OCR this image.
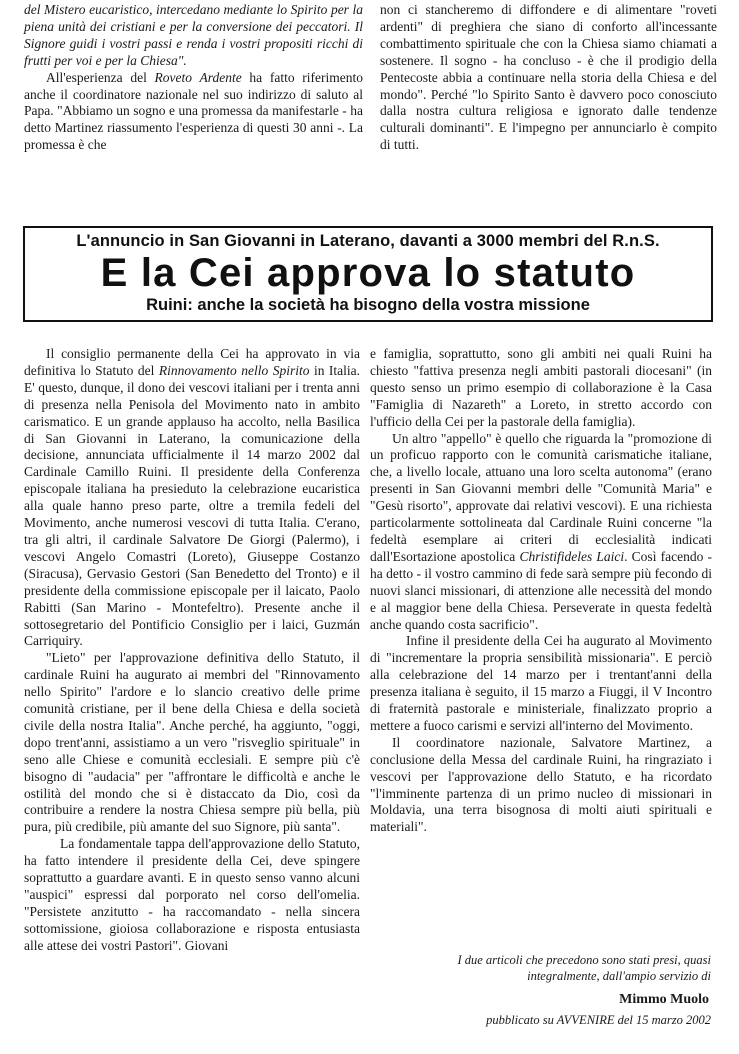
del Mistero eucaristico, intercedano mediante lo Spirito per la piena unità dei cristiani e per la conversione dei peccatori. Il Signore guidi i vostri passi e renda i vostri propositi ricchi di frutti per voi e per la Chiesa".

All'esperienza del Roveto Ardente ha fatto riferimento anche il coordinatore nazionale nel suo indirizzo di saluto al Papa. "Abbiamo un sogno e una promessa da manifestarle - ha detto Martinez riassumento l'esperienza di questi 30 anni -. La promessa è che

non ci stancheremo di diffondere e di alimentare "roveti ardenti" di preghiera che siano di conforto all'incessante combattimento spirituale che con la Chiesa siamo chiamati a sostenere. Il sogno - ha concluso - è che il prodigio della Pentecoste abbia a continuare nella storia della Chiesa e del mondo". Perché "lo Spirito Santo è davvero poco conosciuto dalla nostra cultura religiosa e ignorato dalle tendenze culturali dominanti". E l'impegno per annunciarlo è compito di tutti.

L'annuncio in San Giovanni in Laterano, davanti a 3000 membri del R.n.S.
E la Cei approva lo statuto
Ruini: anche la società ha bisogno della vostra missione

Il consiglio permanente della Cei ha approvato in via definitiva lo Statuto del Rinnovamento nello Spirito in Italia. E' questo, dunque, il dono dei vescovi italiani per i trenta anni di presenza nella Penisola del Movimento nato in ambito carismatico. E un grande applauso ha accolto, nella Basilica di San Giovanni in Laterano, la comunicazione della decisione, annunciata ufficialmente il 14 marzo 2002 dal Cardinale Camillo Ruini. Il presidente della Conferenza episcopale italiana ha presieduto la celebrazione eucaristica alla quale hanno preso parte, oltre a tremila fedeli del Movimento, anche numerosi vescovi di tutta Italia. C'erano, tra gli altri, il cardinale Salvatore De Giorgi (Palermo), i vescovi Angelo Comastri (Loreto), Giuseppe Costanzo (Siracusa), Gervasio Gestori (San Benedetto del Tronto) e il presidente della commissione episcopale per il laicato, Paolo Rabitti (San Marino - Montefeltro). Presente anche il sottosegretario del Pontificio Consiglio per i laici, Guzmán Carriquiry.

"Lieto" per l'approvazione definitiva dello Statuto, il cardinale Ruini ha augurato ai membri del "Rinnovamento nello Spirito" l'ardore e lo slancio creativo delle prime comunità cristiane, per il bene della Chiesa e della società civile della nostra Italia". Anche perché, ha aggiunto, "oggi, dopo trent'anni, assistiamo a un vero "risveglio spirituale" in seno alle Chiese e comunità ecclesiali. E sempre più c'è bisogno di "audacia" per "affrontare le difficoltà e anche le ostilità del mondo che si è distaccato da Dio, così da contribuire a rendere la nostra Chiesa sempre più bella, più pura, più credibile, più amante del suo Signore, più santa".

La fondamentale tappa dell'approvazione dello Statuto, ha fatto intendere il presidente della Cei, deve spingere soprattutto a guardare avanti. E in questo senso vanno alcuni "auspici" espressi dal porporato nel corso dell'omelia. "Persistete anzitutto - ha raccomandato - nella sincera sottomissione, gioiosa collaborazione e risposta entusiasta alle attese dei vostri Pastori". Giovani

e famiglia, soprattutto, sono gli ambiti nei quali Ruini ha chiesto "fattiva presenza negli ambiti pastorali diocesani" (in questo senso un primo esempio di collaborazione è la Casa "Famiglia di Nazareth" a Loreto, in stretto accordo con l'ufficio della Cei per la pastorale della famiglia).

Un altro "appello" è quello che riguarda la "promozione di un proficuo rapporto con le comunità carismatiche italiane, che, a livello locale, attuano una loro scelta autonoma" (erano presenti in San Giovanni membri delle "Comunità Maria" e "Gesù risorto", approvate dai relativi vescovi). E una richiesta particolarmente sottolineata dal Cardinale Ruini concerne "la fedeltà esemplare ai criteri di ecclesialità indicati dall'Esortazione apostolica Christifideles Laici. Così facendo - ha detto - il vostro cammino di fede sarà sempre più fecondo di nuovi slanci missionari, di attenzione alle necessità del mondo e al maggior bene della Chiesa. Perseverate in questa fedeltà anche quando costa sacrificio".

Infine il presidente della Cei ha augurato al Movimento di "incrementare la propria sensibilità missionaria". E perciò alla celebrazione del 14 marzo per i trentant'anni della presenza italiana è seguito, il 15 marzo a Fiuggi, il V Incontro di fraternità pastorale e ministeriale, finalizzato proprio a mettere a fuoco carismi e servizi all'interno del Movimento.

Il coordinatore nazionale, Salvatore Martinez, a conclusione della Messa del cardinale Ruini, ha ringraziato i vescovi per l'approvazione dello Statuto, e ha ricordato "l'imminente partenza di un primo nucleo di missionari in Moldavia, una terra bisognosa di molti aiuti spirituali e materiali".

I due articoli che precedono sono stati presi, quasi integralmente, dall'ampio servizio di
Mimmo Muolo
pubblicato su AVVENIRE del 15 marzo 2002
